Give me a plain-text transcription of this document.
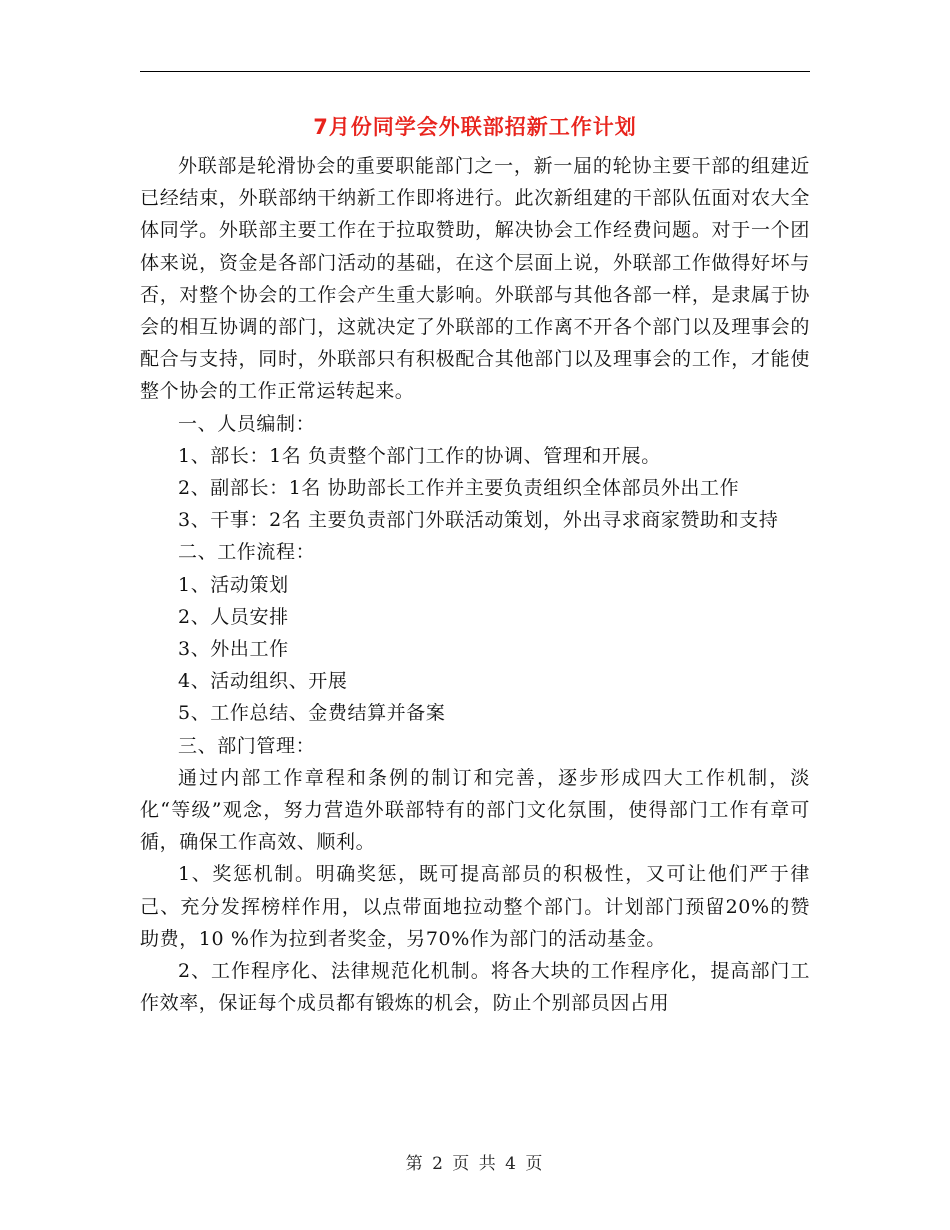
7月份同学会外联部招新工作计划

外联部是轮滑协会的重要职能部门之一，新一届的轮协主要干部的组建近已经结束，外联部纳干纳新工作即将进行。此次新组建的干部队伍面对农大全体同学。外联部主要工作在于拉取赞助，解决协会工作经费问题。对于一个团体来说，资金是各部门活动的基础，在这个层面上说，外联部工作做得好坏与否，对整个协会的工作会产生重大影响。外联部与其他各部一样，是隶属于协会的相互协调的部门，这就决定了外联部的工作离不开各个部门以及理事会的配合与支持，同时，外联部只有积极配合其他部门以及理事会的工作，才能使整个协会的工作正常运转起来。

一、人员编制：

1、部长：1名 负责整个部门工作的协调、管理和开展。

2、副部长：1名 协助部长工作并主要负责组织全体部员外出工作

3、干事：2名 主要负责部门外联活动策划，外出寻求商家赞助和支持

二、工作流程：

1、活动策划

2、人员安排

3、外出工作

4、活动组织、开展

5、工作总结、金费结算并备案

三、部门管理：

通过内部工作章程和条例的制订和完善，逐步形成四大工作机制，淡化“等级”观念，努力营造外联部特有的部门文化氛围，使得部门工作有章可循，确保工作高效、顺利。

1、奖惩机制。明确奖惩，既可提高部员的积极性，又可让他们严于律己、充分发挥榜样作用，以点带面地拉动整个部门。计划部门预留20%的赞助费，10 %作为拉到者奖金，另70%作为部门的活动基金。

2、工作程序化、法律规范化机制。将各大块的工作程序化，提高部门工作效率，保证每个成员都有锻炼的机会，防止个别部员因占用

第 2 页 共 4 页
